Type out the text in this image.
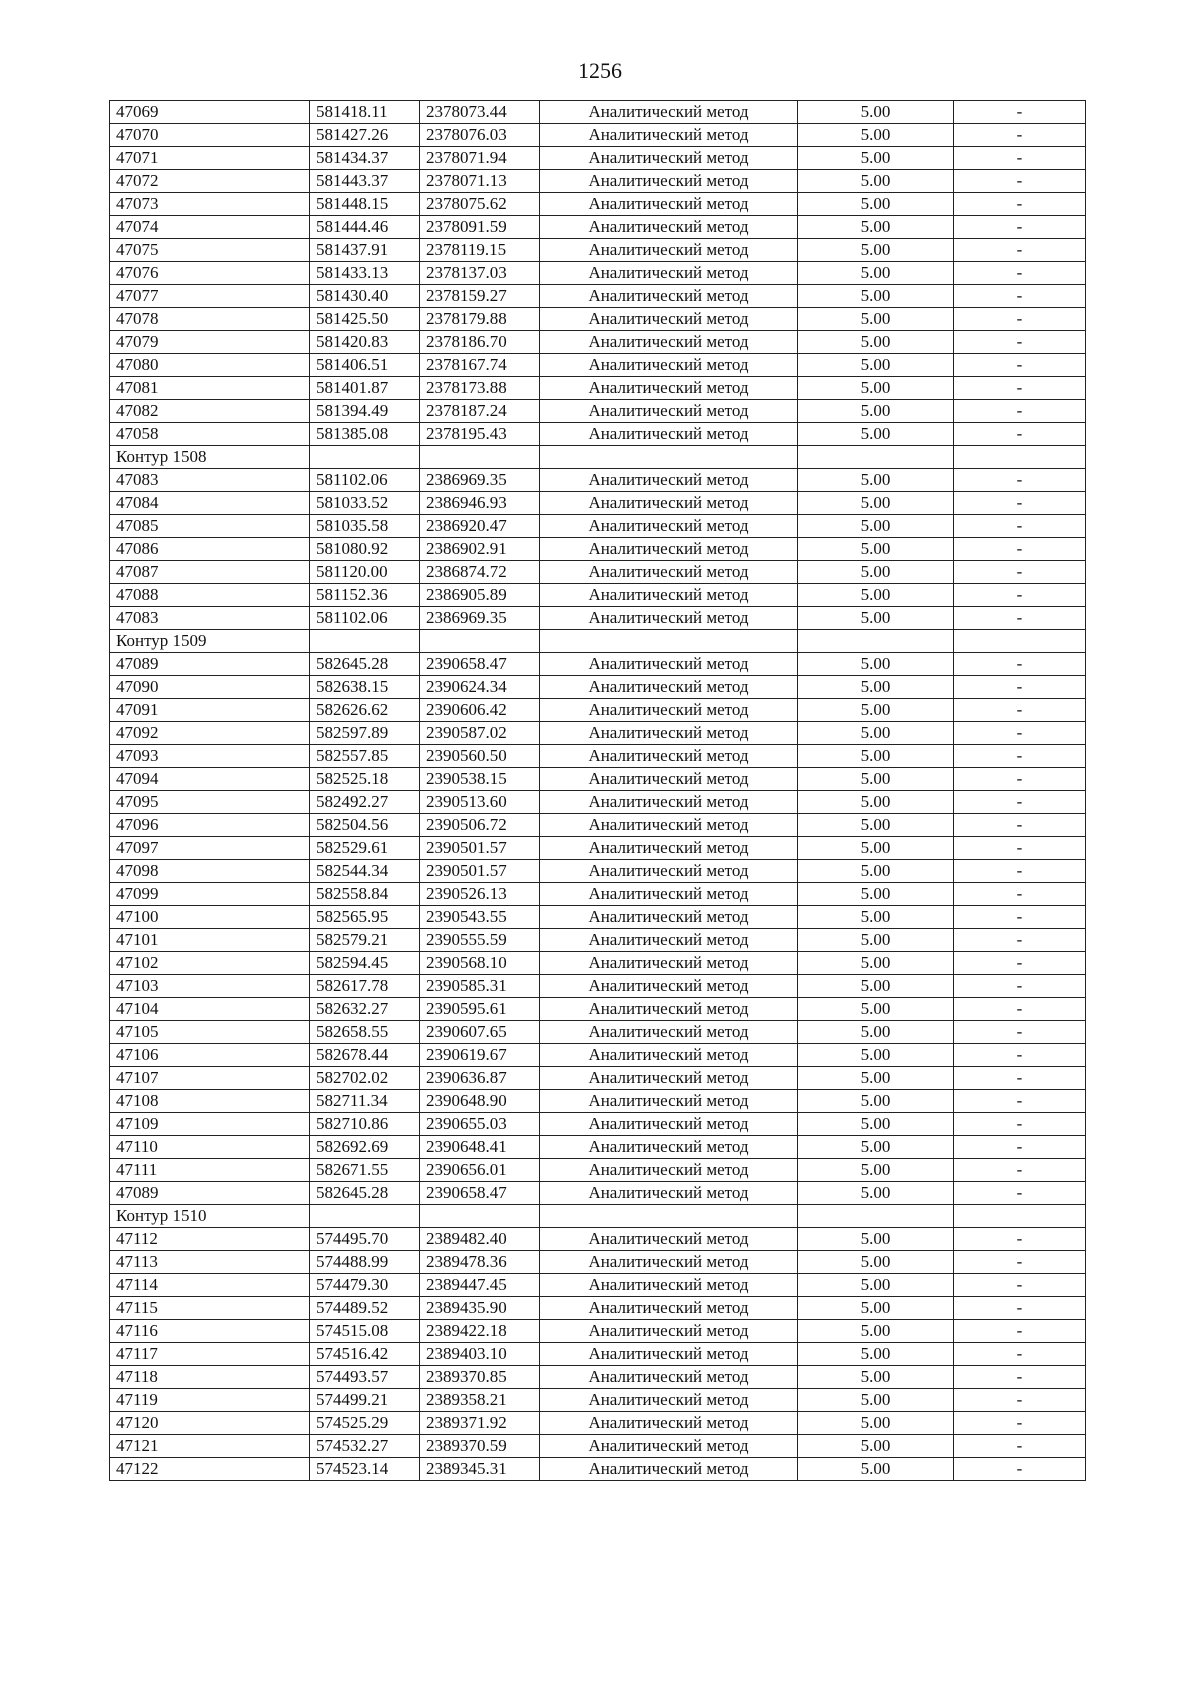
1256
47069	581418.11	2378073.44	Аналитический метод	5.00	-
47070	581427.26	2378076.03	Аналитический метод	5.00	-
47071	581434.37	2378071.94	Аналитический метод	5.00	-
47072	581443.37	2378071.13	Аналитический метод	5.00	-
47073	581448.15	2378075.62	Аналитический метод	5.00	-
47074	581444.46	2378091.59	Аналитический метод	5.00	-
47075	581437.91	2378119.15	Аналитический метод	5.00	-
47076	581433.13	2378137.03	Аналитический метод	5.00	-
47077	581430.40	2378159.27	Аналитический метод	5.00	-
47078	581425.50	2378179.88	Аналитический метод	5.00	-
47079	581420.83	2378186.70	Аналитический метод	5.00	-
47080	581406.51	2378167.74	Аналитический метод	5.00	-
47081	581401.87	2378173.88	Аналитический метод	5.00	-
47082	581394.49	2378187.24	Аналитический метод	5.00	-
47058	581385.08	2378195.43	Аналитический метод	5.00	-
Контур 1508					
47083	581102.06	2386969.35	Аналитический метод	5.00	-
47084	581033.52	2386946.93	Аналитический метод	5.00	-
47085	581035.58	2386920.47	Аналитический метод	5.00	-
47086	581080.92	2386902.91	Аналитический метод	5.00	-
47087	581120.00	2386874.72	Аналитический метод	5.00	-
47088	581152.36	2386905.89	Аналитический метод	5.00	-
47083	581102.06	2386969.35	Аналитический метод	5.00	-
Контур 1509					
47089	582645.28	2390658.47	Аналитический метод	5.00	-
47090	582638.15	2390624.34	Аналитический метод	5.00	-
47091	582626.62	2390606.42	Аналитический метод	5.00	-
47092	582597.89	2390587.02	Аналитический метод	5.00	-
47093	582557.85	2390560.50	Аналитический метод	5.00	-
47094	582525.18	2390538.15	Аналитический метод	5.00	-
47095	582492.27	2390513.60	Аналитический метод	5.00	-
47096	582504.56	2390506.72	Аналитический метод	5.00	-
47097	582529.61	2390501.57	Аналитический метод	5.00	-
47098	582544.34	2390501.57	Аналитический метод	5.00	-
47099	582558.84	2390526.13	Аналитический метод	5.00	-
47100	582565.95	2390543.55	Аналитический метод	5.00	-
47101	582579.21	2390555.59	Аналитический метод	5.00	-
47102	582594.45	2390568.10	Аналитический метод	5.00	-
47103	582617.78	2390585.31	Аналитический метод	5.00	-
47104	582632.27	2390595.61	Аналитический метод	5.00	-
47105	582658.55	2390607.65	Аналитический метод	5.00	-
47106	582678.44	2390619.67	Аналитический метод	5.00	-
47107	582702.02	2390636.87	Аналитический метод	5.00	-
47108	582711.34	2390648.90	Аналитический метод	5.00	-
47109	582710.86	2390655.03	Аналитический метод	5.00	-
47110	582692.69	2390648.41	Аналитический метод	5.00	-
47111	582671.55	2390656.01	Аналитический метод	5.00	-
47089	582645.28	2390658.47	Аналитический метод	5.00	-
Контур 1510					
47112	574495.70	2389482.40	Аналитический метод	5.00	-
47113	574488.99	2389478.36	Аналитический метод	5.00	-
47114	574479.30	2389447.45	Аналитический метод	5.00	-
47115	574489.52	2389435.90	Аналитический метод	5.00	-
47116	574515.08	2389422.18	Аналитический метод	5.00	-
47117	574516.42	2389403.10	Аналитический метод	5.00	-
47118	574493.57	2389370.85	Аналитический метод	5.00	-
47119	574499.21	2389358.21	Аналитический метод	5.00	-
47120	574525.29	2389371.92	Аналитический метод	5.00	-
47121	574532.27	2389370.59	Аналитический метод	5.00	-
47122	574523.14	2389345.31	Аналитический метод	5.00	-
